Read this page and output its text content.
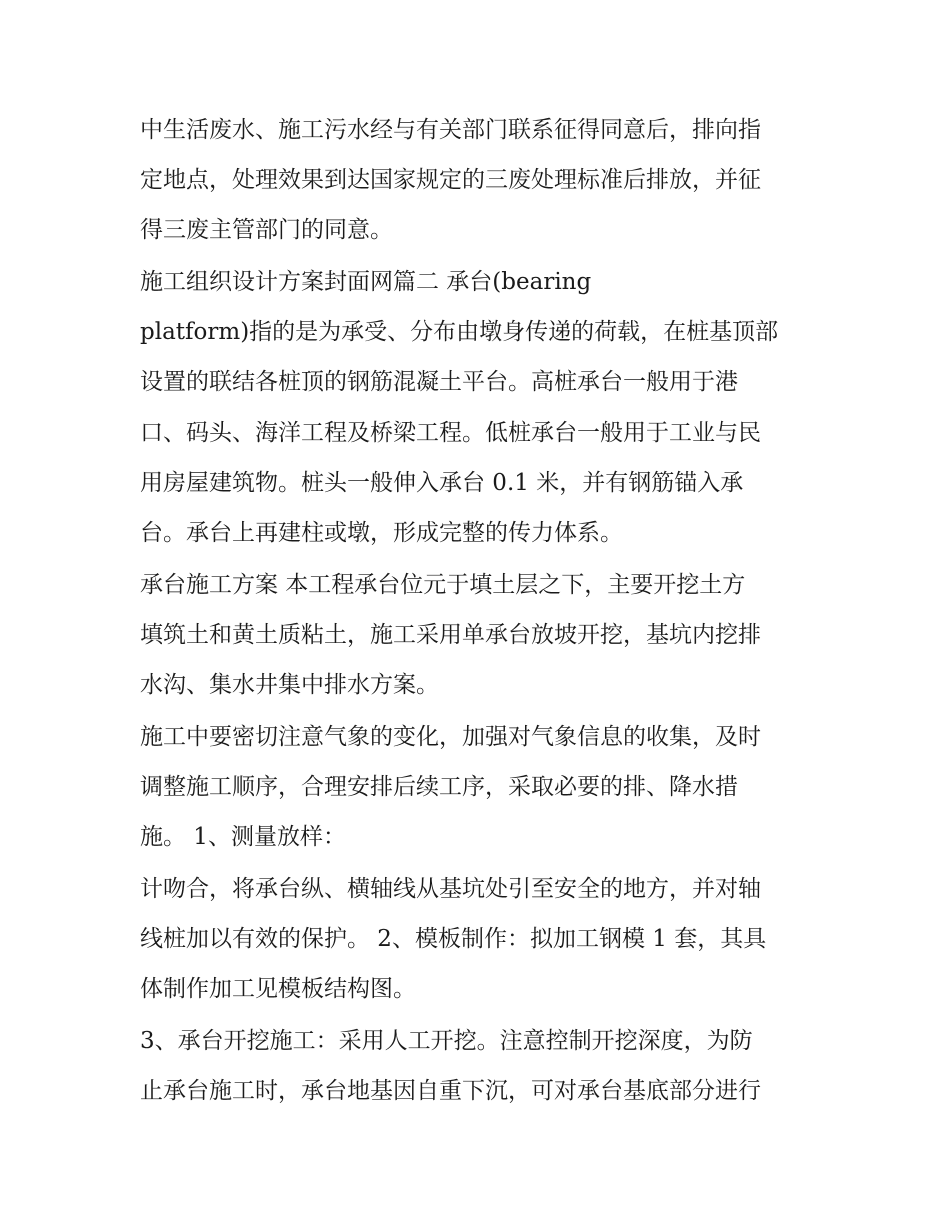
中生活废水、施工污水经与有关部门联系征得同意后，排向指
定地点，处理效果到达国家规定的三废处理标准后排放，并征
得三废主管部门的同意。
施工组织设计方案封面网篇二 承台(bearing
platform)指的是为承受、分布由墩身传递的荷载，在桩基顶部
设置的联结各桩顶的钢筋混凝土平台。高桩承台一般用于港
口、码头、海洋工程及桥梁工程。低桩承台一般用于工业与民
用房屋建筑物。桩头一般伸入承台 0.1 米，并有钢筋锚入承
台。承台上再建柱或墩，形成完整的传力体系。
承台施工方案 本工程承台位元于填土层之下，主要开挖土方
填筑土和黄土质粘土，施工采用单承台放坡开挖，基坑内挖排
水沟、集水井集中排水方案。
施工中要密切注意气象的变化，加强对气象信息的收集，及时
调整施工顺序，合理安排后续工序，采取必要的排、降水措
施。 1、测量放样：
计吻合，将承台纵、横轴线从基坑处引至安全的地方，并对轴
线桩加以有效的保护。 2、模板制作：拟加工钢模 1 套，其具
体制作加工见模板结构图。
3、承台开挖施工：采用人工开挖。注意控制开挖深度，为防
止承台施工时，承台地基因自重下沉，可对承台基底部分进行
